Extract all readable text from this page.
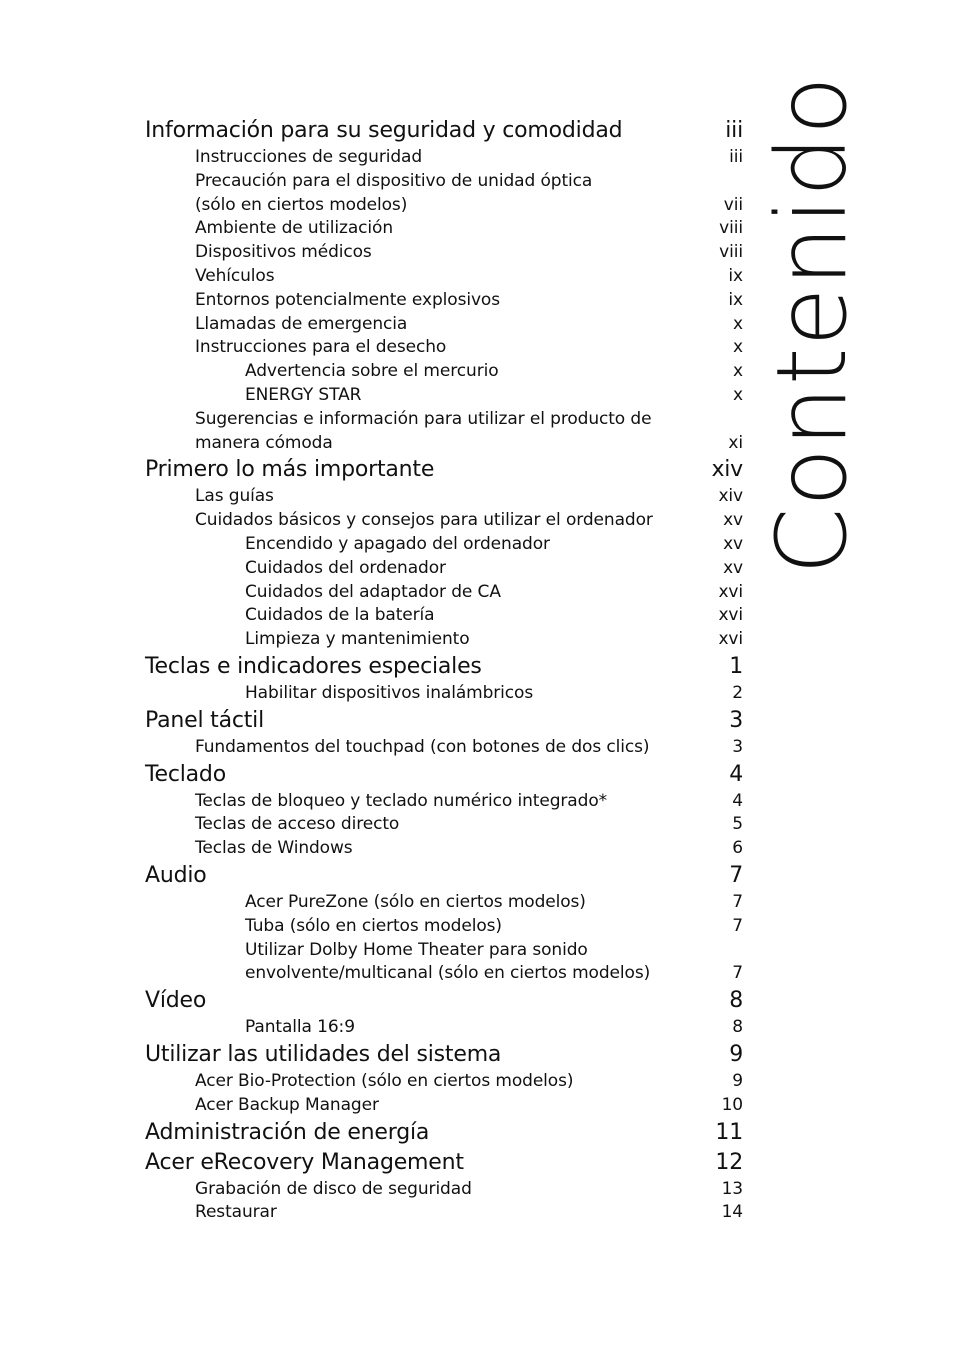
Información para su seguridad y comodidad	iii
Instrucciones de seguridad	iii
Precaución para el dispositivo de unidad óptica
(sólo en ciertos modelos)	vii
Ambiente de utilización	viii
Dispositivos médicos	viii
Vehículos	ix
Entornos potencialmente explosivos	ix
Llamadas de emergencia	x
Instrucciones para el desecho	x
Advertencia sobre el mercurio	x
ENERGY STAR	x
Sugerencias e información para utilizar el producto de
manera cómoda	xi
Primero lo más importante	xiv
Las guías	xiv
Cuidados básicos y consejos para utilizar el ordenador	xv
Encendido y apagado del ordenador	xv
Cuidados del ordenador	xv
Cuidados del adaptador de CA	xvi
Cuidados de la batería	xvi
Limpieza y mantenimiento	xvi
Teclas e indicadores especiales	1
Habilitar dispositivos inalámbricos	2
Panel táctil	3
Fundamentos del touchpad (con botones de dos clics)	3
Teclado	4
Teclas de bloqueo y teclado numérico integrado*	4
Teclas de acceso directo	5
Teclas de Windows	6
Audio	7
Acer PureZone (sólo en ciertos modelos)	7
Tuba (sólo en ciertos modelos)	7
Utilizar Dolby Home Theater para sonido
envolvente/multicanal (sólo en ciertos modelos)	7
Vídeo	8
Pantalla 16:9	8
Utilizar las utilidades del sistema	9
Acer Bio-Protection (sólo en ciertos modelos)	9
Acer Backup Manager	10
Administración de energía	11
Acer eRecovery Management	12
Grabación de disco de seguridad	13
Restaurar	14
Contenido
